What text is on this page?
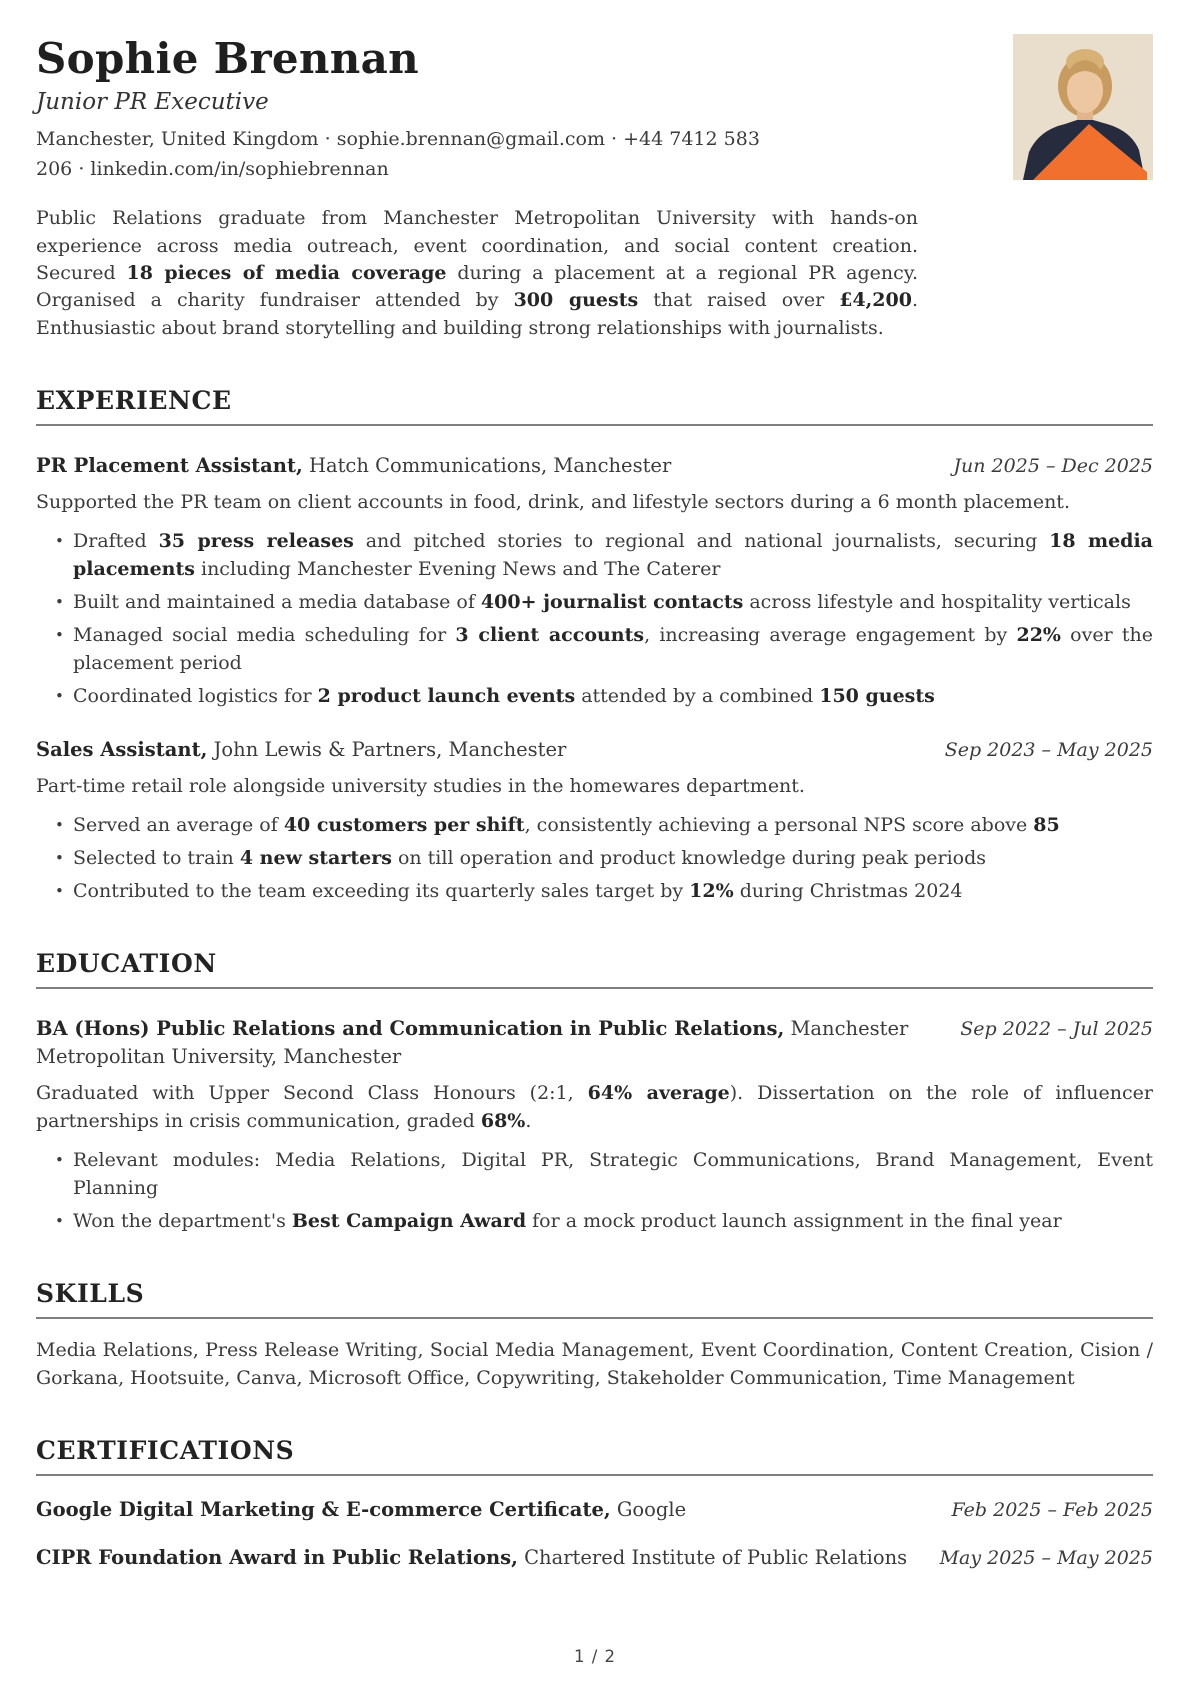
Sophie Brennan
Junior PR Executive
Manchester, United Kingdom · sophie.brennan@gmail.com · +44 7412 583 206 · linkedin.com/in/sophiebrennan

Public Relations graduate from Manchester Metropolitan University with hands-on experience across media outreach, event coordination, and social content creation. Secured 18 pieces of media coverage during a placement at a regional PR agency. Organised a charity fundraiser attended by 300 guests that raised over £4,200. Enthusiastic about brand storytelling and building strong relationships with journalists.

EXPERIENCE
PR Placement Assistant, Hatch Communications, Manchester	Jun 2025 – Dec 2025

Supported the PR team on client accounts in food, drink, and lifestyle sectors during a 6 month placement.

• Drafted 35 press releases and pitched stories to regional and national journalists, securing 18 media placements including Manchester Evening News and The Caterer
• Built and maintained a media database of 400+ journalist contacts across lifestyle and hospitality verticals
• Managed social media scheduling for 3 client accounts, increasing average engagement by 22% over the placement period
• Coordinated logistics for 2 product launch events attended by a combined 150 guests
Sales Assistant, John Lewis & Partners, Manchester	Sep 2023 – May 2025

Part-time retail role alongside university studies in the homewares department.

• Served an average of 40 customers per shift, consistently achieving a personal NPS score above 85
• Selected to train 4 new starters on till operation and product knowledge during peak periods
• Contributed to the team exceeding its quarterly sales target by 12% during Christmas 2024
EDUCATION
BA (Hons) Public Relations and Communication in Public Relations, Manchester Metropolitan University, Manchester
Sep 2022 – Jul 2025

Graduated with Upper Second Class Honours (2:1, 64% average). Dissertation on the role of influencer partnerships in crisis communication, graded 68%.

• Relevant modules: Media Relations, Digital PR, Strategic Communications, Brand Management, Event Planning
• Won the department's Best Campaign Award for a mock product launch assignment in the final year
SKILLS

Media Relations, Press Release Writing, Social Media Management, Event Coordination, Content Creation, Cision / Gorkana, Hootsuite, Canva, Microsoft Office, Copywriting, Stakeholder Communication, Time Management

CERTIFICATIONS
Google Digital Marketing & E-commerce Certificate, Google	Feb 2025 – Feb 2025
CIPR Foundation Award in Public Relations, Chartered Institute of Public Relations	May 2025 – May 2025
1 / 2
